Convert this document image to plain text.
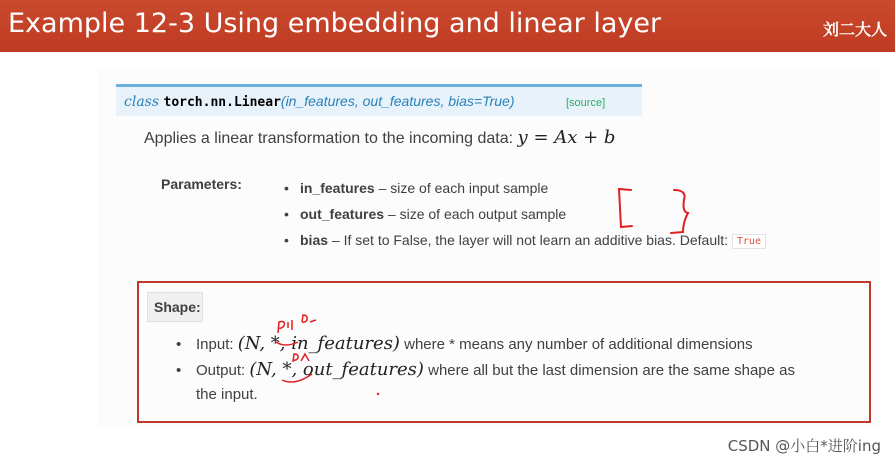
Example 12-3 Using embedding and linear layer	刘二大人
class torch.nn.Linear(in_features, out_features, bias=True)	[source]
Applies a linear transformation to the incoming data: y = Ax + b
Parameters:	• in_features – size of each input sample
• out_features – size of each output sample
• bias – If set to False, the layer will not learn an additive bias. Default: True
Shape:
• Input: (N, *, in_features) where * means any number of additional dimensions
• Output: (N, *, out_features) where all but the last dimension are the same shape as
the input.
CSDN @小白*进阶ing
